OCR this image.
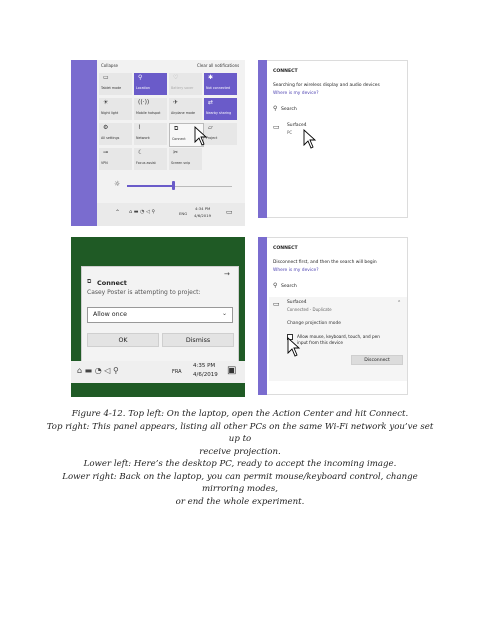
Collapse	Clear all notifications
▭
Tablet mode
⚲
Location
♡
Battery saver
✱
Not connected
☀
Night light
((·))
Mobile hotspot
✈
Airplane mode
⇄
Nearby sharing
⚙
All settings
⌇
Network
⧉
Connect
▱
Project
⊸
VPN
☾
Focus assist
✂
Screen snip
☼
⌃ ⌂ ▬ ◔ ◁ ⚲	ENG
4:34 PM
4/6/2019 ▭
CONNECT
Searching for wireless display and audio devices
Where is my device?
⚲ Search
▭ Surface4
PC
→
⧉ Connect
Casey Poster is attempting to project:
Allow once	⌄
OK	Dismiss
⌂ ▬ ◔ ◁ ⚲	FRA
4:35 PM
4/6/2019 ▣
CONNECT
Disconnect first, and then the search will begin
Where is my device?
⚲ Search
▭ Surface4
Connected - Duplicate
⌃
Change projection mode
Allow mouse, keyboard, touch, and pen
input from this device
Disconnect
Figure 4-12. Top left: On the laptop, open the Action Center and hit Connect.
Top right: This panel appears, listing all other PCs on the same Wi-Fi network you’ve set up to
receive projection.
Lower left: Here’s the desktop PC, ready to accept the incoming image.
Lower right: Back on the laptop, you can permit mouse/keyboard control, change mirroring modes,
or end the whole experiment.
